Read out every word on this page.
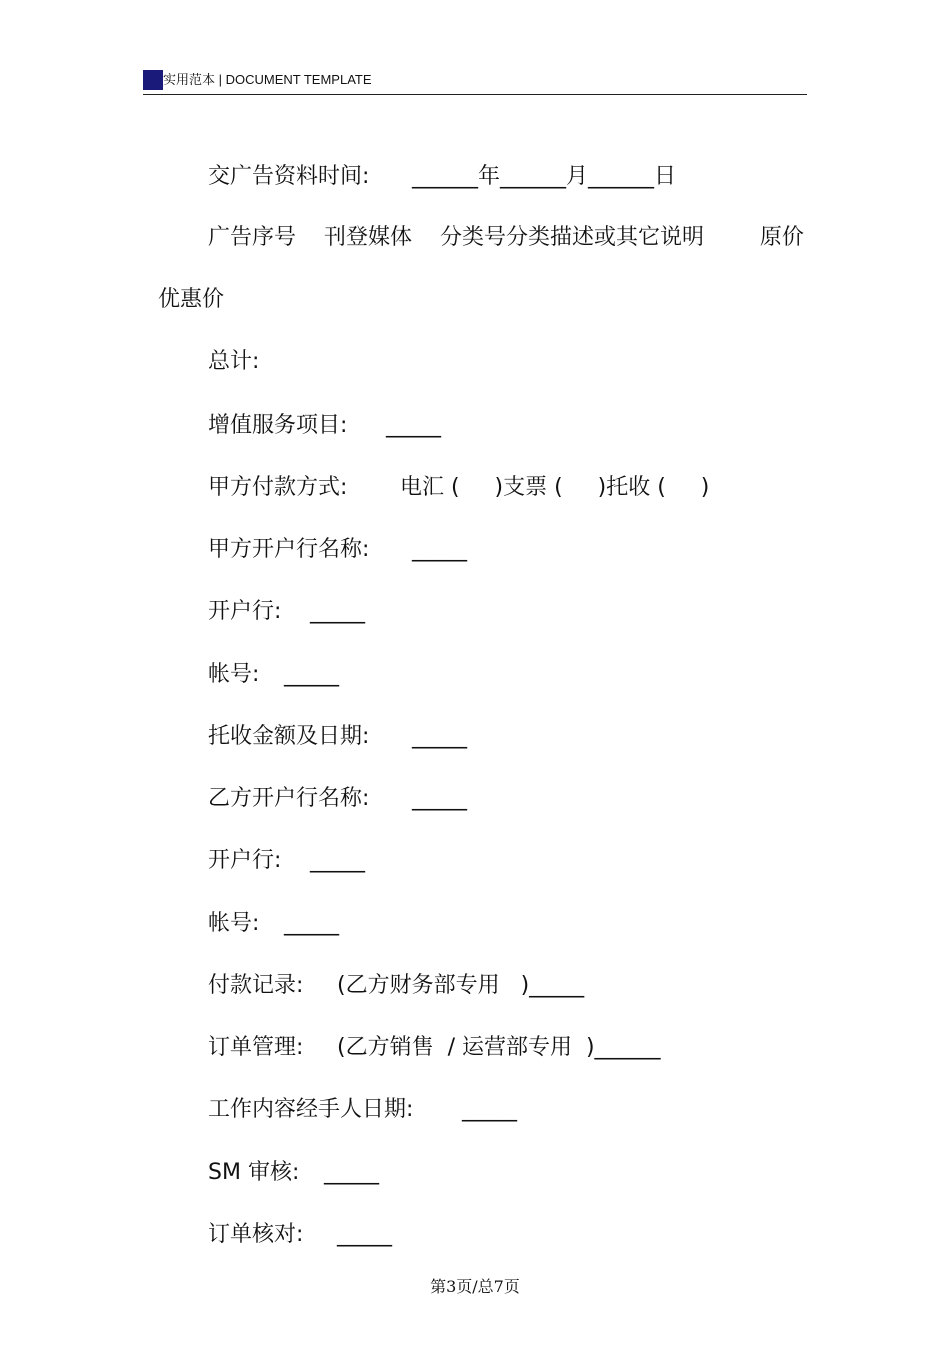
实用范本 | DOCUMENT TEMPLATE

交广告资料时间:	______年______月______日

广告序号    刊登媒体    分类号分类描述或其它说明        原价

优惠价

总计:

增值服务项目:	_____

甲方付款方式:	电汇 (     )支票 (     )托收 (     )

甲方开户行名称:	_____

开户行:	_____

帐号:	_____

托收金额及日期:	_____

乙方开户行名称:	_____

开户行:	_____

帐号:	_____

付款记录:	(乙方财务部专用   )_____

订单管理:	(乙方销售  / 运营部专用  )______

工作内容经手人日期:	_____

SM 审核:	_____

订单核对:	_____

第3页/总7页
